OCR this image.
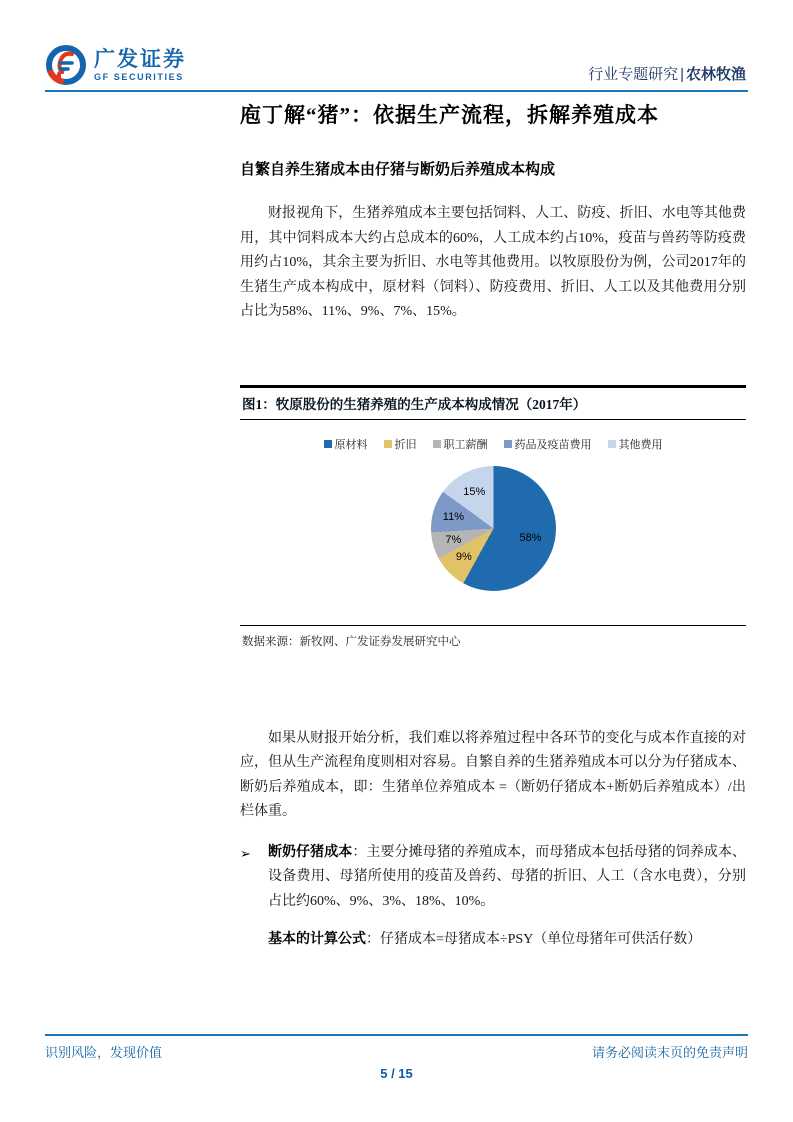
广发证券
GF SECURITIES	行业专题研究 | 农林牧渔
庖丁解“猪”：依据生产流程，拆解养殖成本
自繁自养生猪成本由仔猪与断奶后养殖成本构成
财报视角下，生猪养殖成本主要包括饲料、人工、防疫、折旧、水电等其他费用，其中饲料成本大约占总成本的60%，人工成本约占10%，疫苗与兽药等防疫费用约占10%，其余主要为折旧、水电等其他费用。以牧原股份为例，公司2017年的生猪生产成本构成中，原材料（饲料）、防疫费用、折旧、人工以及其他费用分别占比为58%、11%、9%、7%、15%。
图1：牧原股份的生猪养殖的生产成本构成情况（2017年）
原材料 折旧 职工薪酬 药品及疫苗费用 其他费用
58%
9%
7%
11%
15%
数据来源：新牧网、广发证券发展研究中心
如果从财报开始分析，我们难以将养殖过程中各环节的变化与成本作直接的对应，但从生产流程角度则相对容易。自繁自养的生猪养殖成本可以分为仔猪成本、断奶后养殖成本，即：生猪单位养殖成本 =（断奶仔猪成本+断奶后养殖成本）/出栏体重。
➢	断奶仔猪成本：主要分摊母猪的养殖成本，而母猪成本包括母猪的饲养成本、设备费用、母猪所使用的疫苗及兽药、母猪的折旧、人工（含水电费），分别占比约60%、9%、3%、18%、10%。
基本的计算公式：仔猪成本=母猪成本÷PSY（单位母猪年可供活仔数）
识别风险，发现价值	请务必阅读末页的免责声明
5 / 15
